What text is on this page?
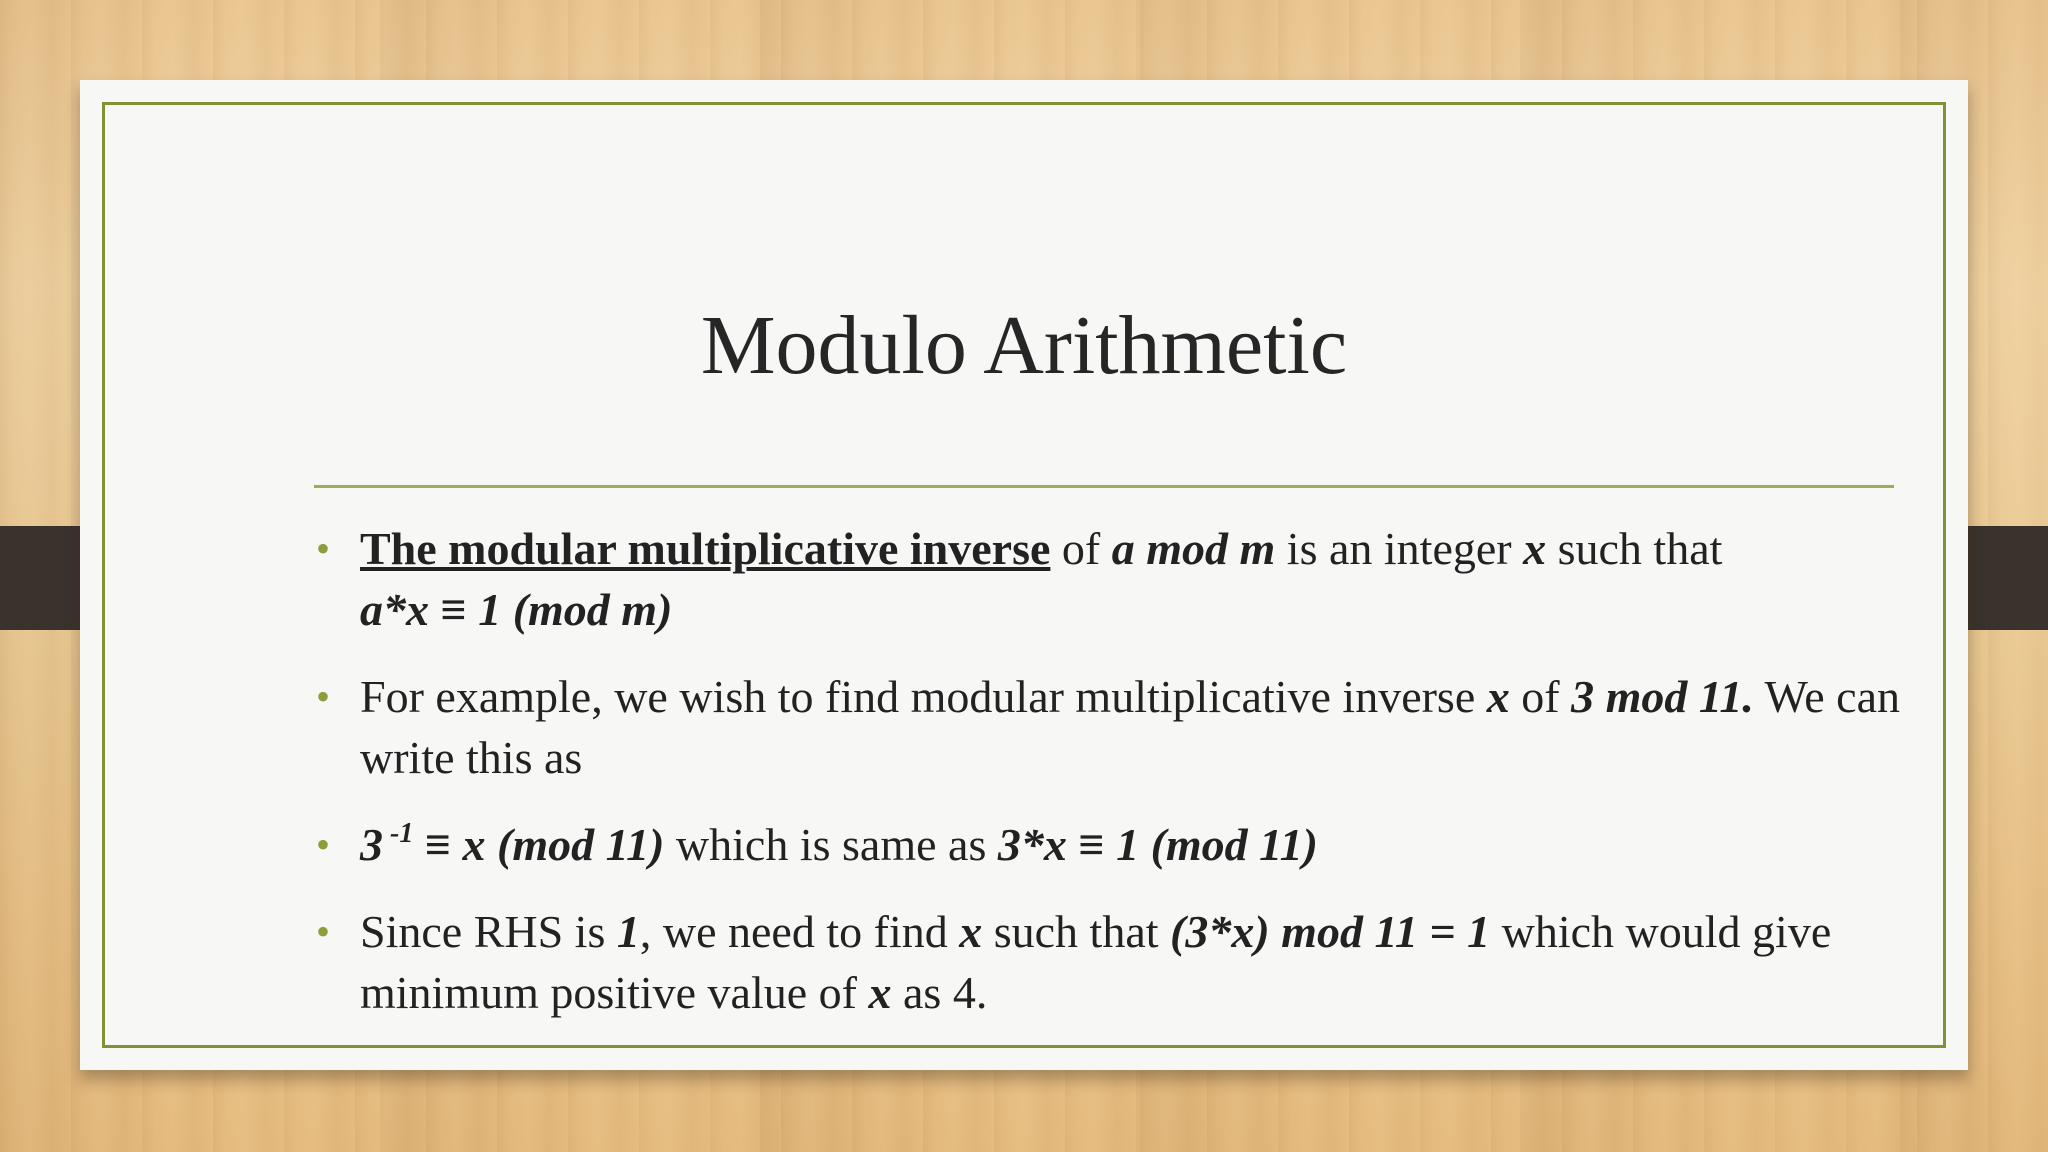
Modulo Arithmetic
• The modular multiplicative inverse of a mod m is an integer x such that
a*x ≡ 1 (mod m)
• For example, we wish to find modular multiplicative inverse x of 3 mod 11. We can write this as
• 3 $^{-1}$ ≡ x (mod 11) which is same as 3*x ≡ 1 (mod 11)
• Since RHS is 1, we need to find x such that (3*x) mod 11 = 1 which would give minimum positive value of x as 4.
